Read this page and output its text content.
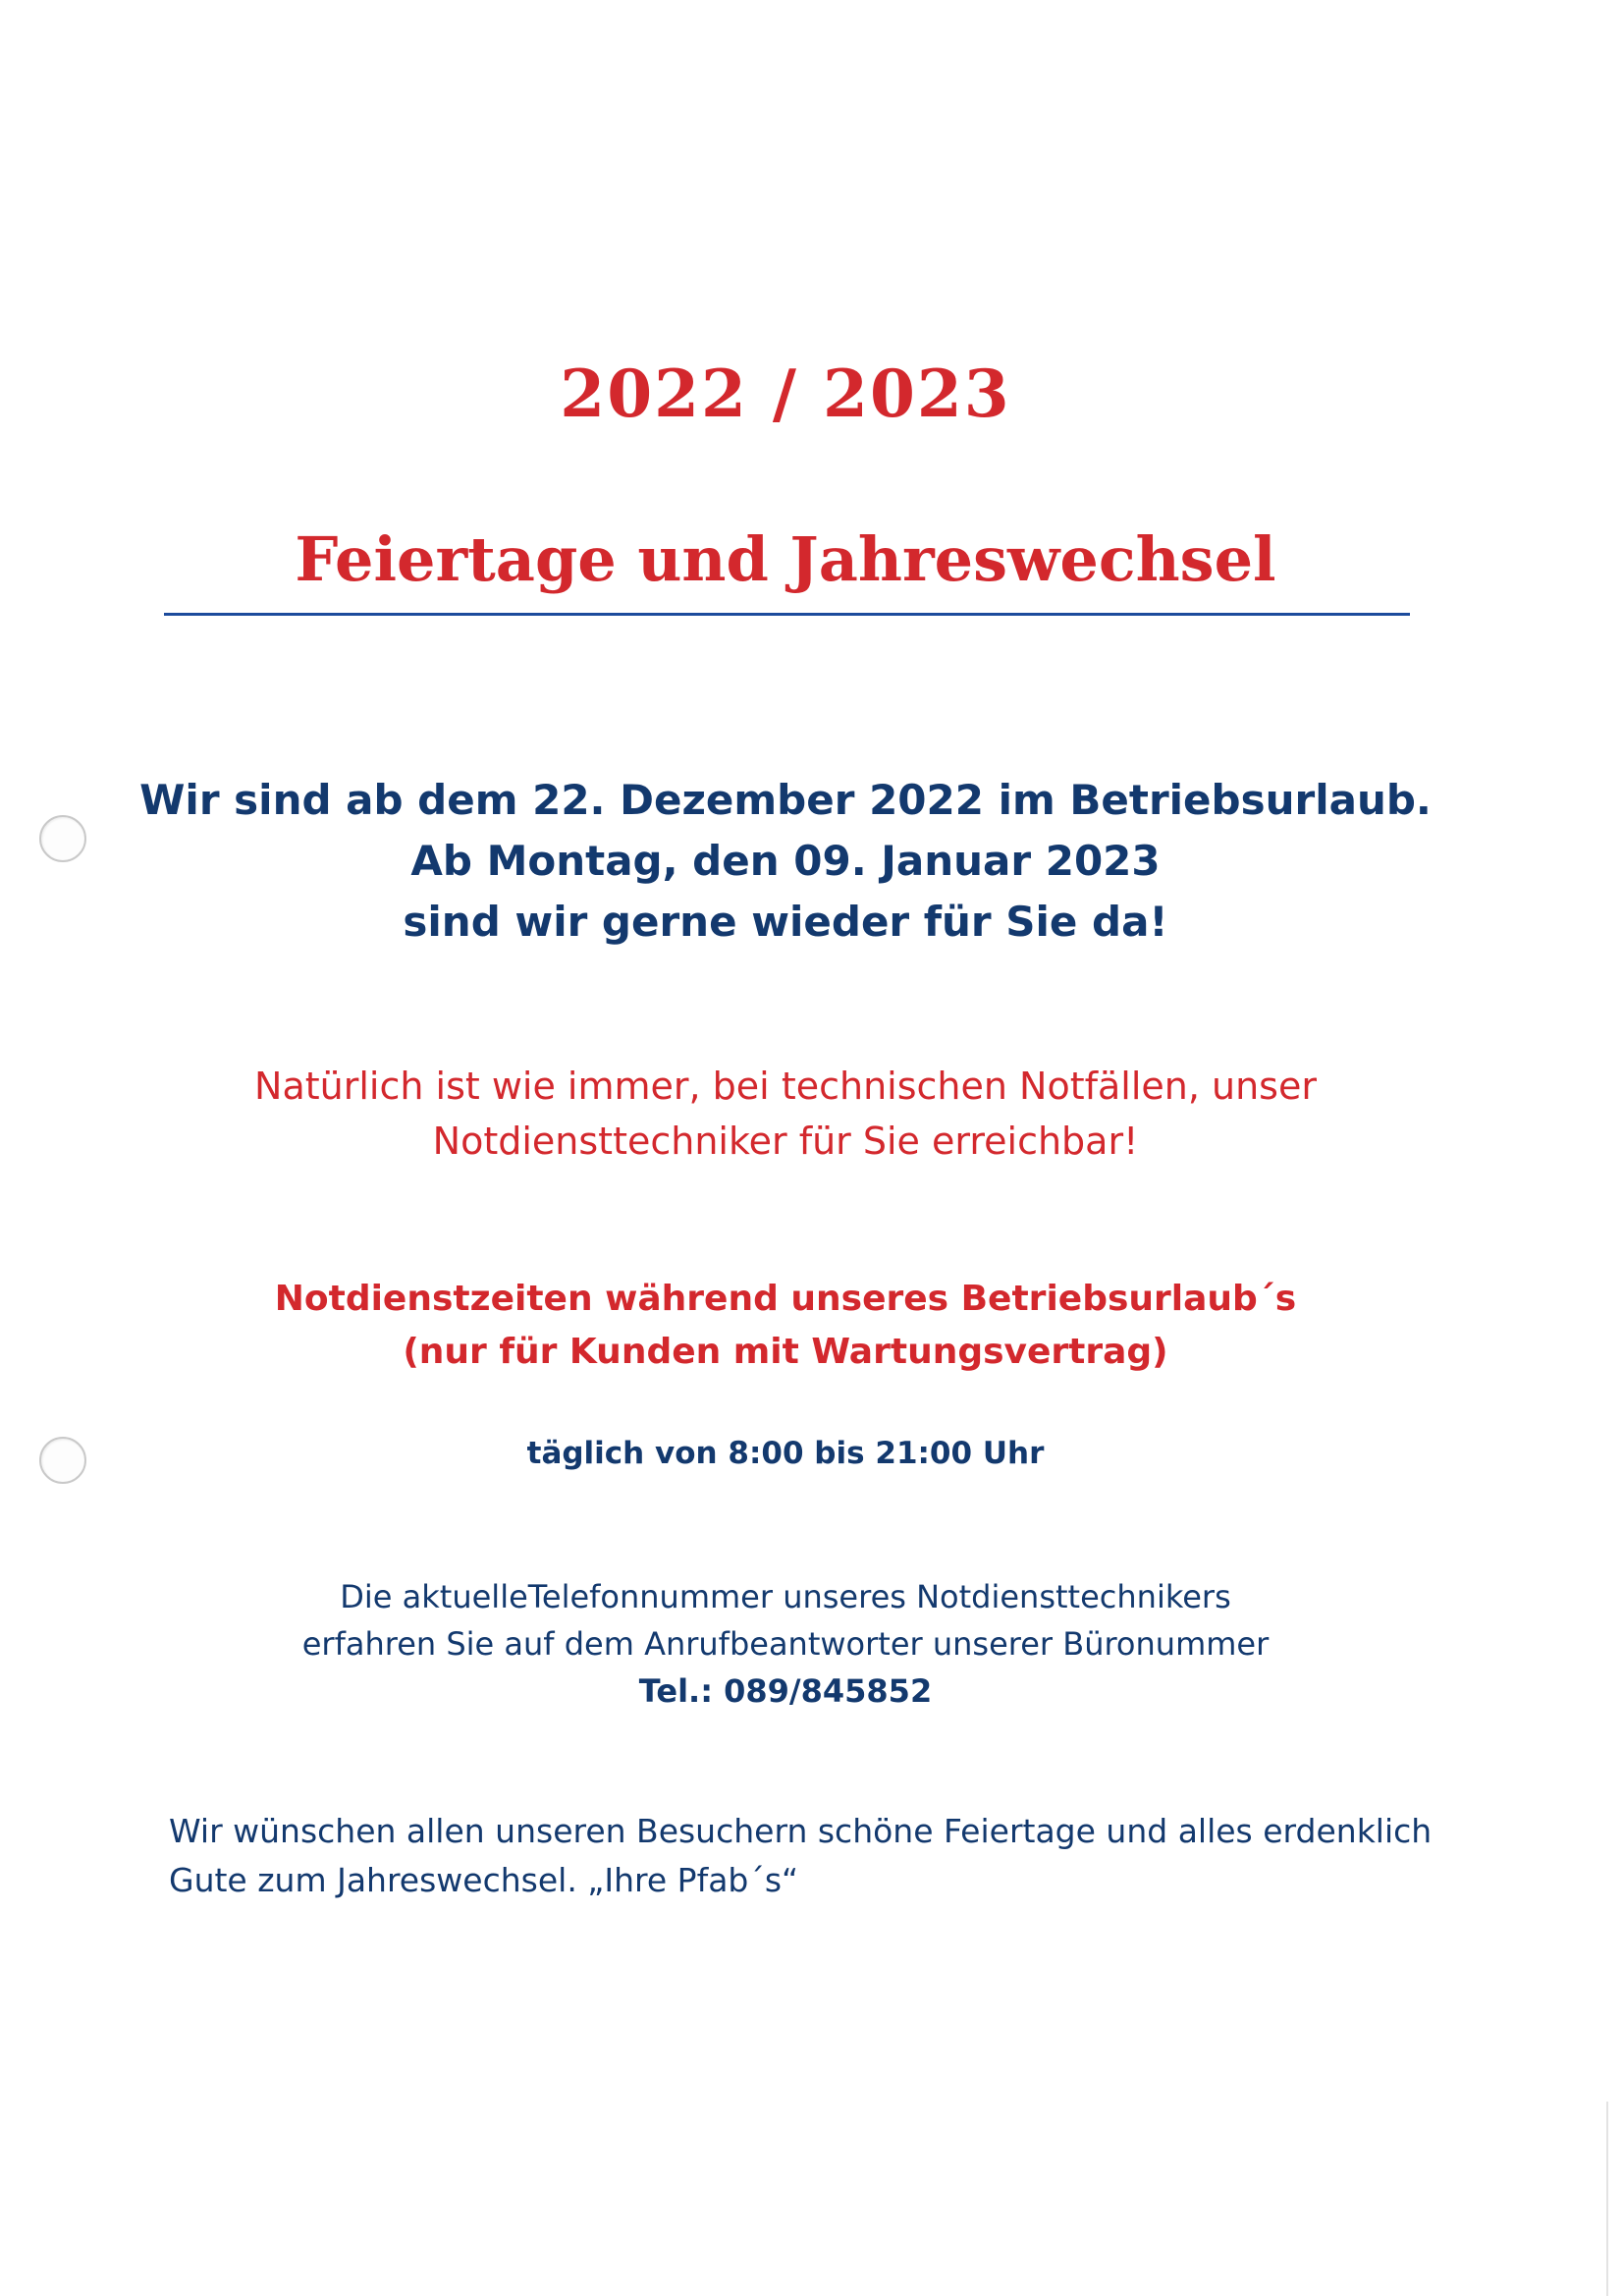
2022 / 2023
Feiertage und Jahreswechsel
Wir sind ab dem 22. Dezember 2022 im Betriebsurlaub.
Ab Montag, den 09. Januar 2023
sind wir gerne wieder für Sie da!
Natürlich ist wie immer, bei technischen Notfällen, unser
Notdiensttechniker für Sie erreichbar!
Notdienstzeiten während unseres Betriebsurlaub´s
(nur für Kunden mit Wartungsvertrag)
täglich von 8:00 bis 21:00 Uhr
Die aktuelleTelefonnummer unseres Notdiensttechnikers
erfahren Sie auf dem Anrufbeantworter unserer Büronummer
Tel.: 089/845852
Wir wünschen allen unseren Besuchern schöne Feiertage und alles erdenklich
Gute zum Jahreswechsel. „Ihre Pfab´s“
